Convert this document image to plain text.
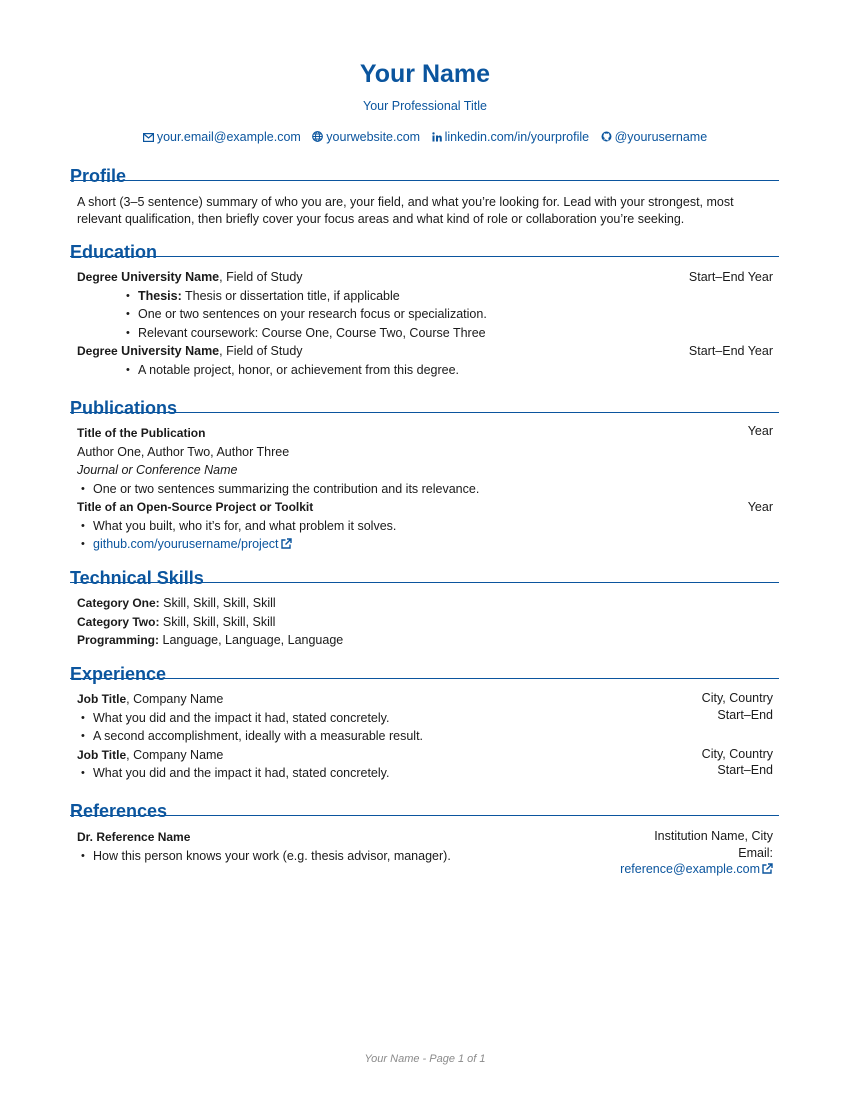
Your Name
Your Professional Title
your.email@example.com yourwebsite.com linkedin.com/in/yourprofile @yourusername
Profile
A short (3–5 sentence) summary of who you are, your field, and what you’re looking for. Lead with your strongest, most relevant qualification, then briefly cover your focus areas and what kind of role or collaboration you’re seeking.
Education
Degree University Name, Field of Study	Start–End Year
• Thesis: Thesis or dissertation title, if applicable
• One or two sentences on your research focus or specialization.
• Relevant coursework: Course One, Course Two, Course Three
Degree University Name, Field of Study	Start–End Year
• A notable project, honor, or achievement from this degree.
Publications
Title of the Publication	Year
Author One, Author Two, Author Three
Journal or Conference Name
• One or two sentences summarizing the contribution and its relevance.
Title of an Open-Source Project or Toolkit	Year
• What you built, who it’s for, and what problem it solves.
• github.com/yourusername/project
Technical Skills
Category One: Skill, Skill, Skill, Skill
Category Two: Skill, Skill, Skill, Skill
Programming: Language, Language, Language
Experience
Job Title, Company Name	City, Country
Start–End
• What you did and the impact it had, stated concretely.
• A second accomplishment, ideally with a measurable result.
Job Title, Company Name	City, Country
Start–End
• What you did and the impact it had, stated concretely.
References
Dr. Reference Name	Institution Name, City
Email:
reference@example.com
• How this person knows your work (e.g. thesis advisor, manager).
Your Name - Page 1 of 1
